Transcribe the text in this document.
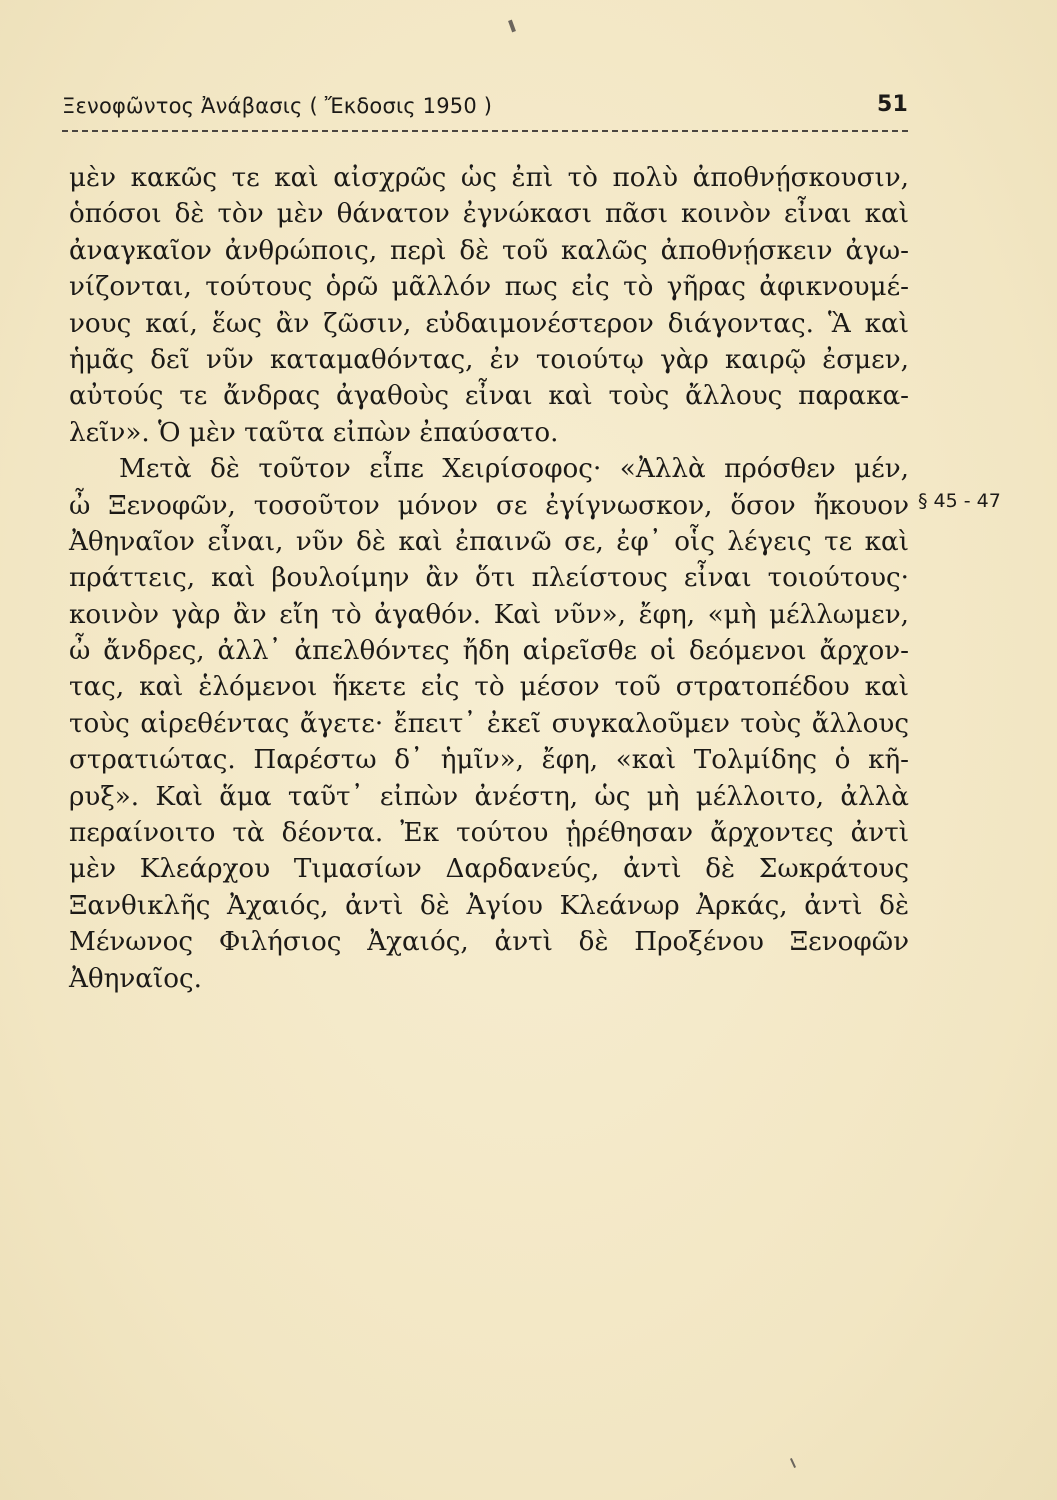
Ξενοφῶντος Ἀνάβασις ( Ἔκδοσις 1950 )	51
μὲν κακῶς τε καὶ αἰσχρῶς ὡς ἐπὶ τὸ πολὺ ἀποθνῄσκουσιν,
ὁπόσοι δὲ τὸν μὲν θάνατον ἐγνώκασι πᾶσι κοινὸν εἶναι καὶ
ἀναγκαῖον ἀνθρώποις, περὶ δὲ τοῦ καλῶς ἀποθνῄσκειν ἀγω-
νίζονται, τούτους ὁρῶ μᾶλλόν πως εἰς τὸ γῆρας ἀφικνουμέ-
νους καί, ἕως ἂν ζῶσιν, εὐδαιμονέστερον διάγοντας. Ἃ καὶ
ἡμᾶς δεῖ νῦν καταμαθόντας, ἐν τοιούτῳ γὰρ καιρῷ ἐσμεν,
αὐτούς τε ἄνδρας ἀγαθοὺς εἶναι καὶ τοὺς ἄλλους παρακα-
λεῖν». Ὁ μὲν ταῦτα εἰπὼν ἐπαύσατο.
Μετὰ δὲ τοῦτον εἶπε Χειρίσοφος· «Ἀλλὰ πρόσθεν μέν,
ὦ Ξενοφῶν, τοσοῦτον μόνον σε ἐγίγνωσκον, ὅσον ἤκουον
Ἀθηναῖον εἶναι, νῦν δὲ καὶ ἐπαινῶ σε, ἐφ᾽ οἷς λέγεις τε καὶ
πράττεις, καὶ βουλοίμην ἂν ὅτι πλείστους εἶναι τοιούτους·
κοινὸν γὰρ ἂν εἴη τὸ ἀγαθόν. Καὶ νῦν», ἔφη, «μὴ μέλλωμεν,
ὦ ἄνδρες, ἀλλ᾽ ἀπελθόντες ἤδη αἱρεῖσθε οἱ δεόμενοι ἄρχον-
τας, καὶ ἑλόμενοι ἥκετε εἰς τὸ μέσον τοῦ στρατοπέδου καὶ
τοὺς αἱρεθέντας ἄγετε· ἔπειτ᾽ ἐκεῖ συγκαλοῦμεν τοὺς ἄλλους
στρατιώτας. Παρέστω δ᾽ ἡμῖν», ἔφη, «καὶ Τολμίδης ὁ κῆ-
ρυξ». Καὶ ἅμα ταῦτ᾽ εἰπὼν ἀνέστη, ὡς μὴ μέλλοιτο, ἀλλὰ
περαίνοιτο τὰ δέοντα. Ἐκ τούτου ᾑρέθησαν ἄρχοντες ἀντὶ
μὲν Κλεάρχου Τιμασίων Δαρδανεύς, ἀντὶ δὲ Σωκράτους
Ξανθικλῆς Ἀχαιός, ἀντὶ δὲ Ἀγίου Κλεάνωρ Ἀρκάς, ἀντὶ δὲ
Μένωνος Φιλήσιος Ἀχαιός, ἀντὶ δὲ Προξένου Ξενοφῶν
Ἀθηναῖος.
§ 45 - 47
